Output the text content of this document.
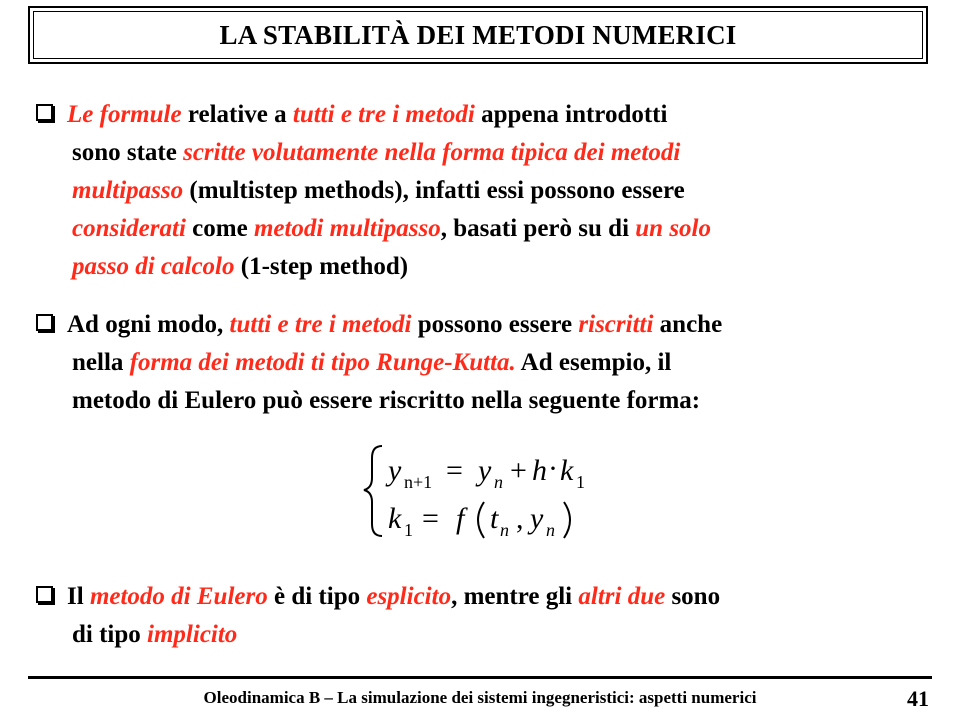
LA STABILITÀ DEI METODI NUMERICI
Le formule relative a tutti e tre i metodi appena introdotti
sono state scritte volutamente nella forma tipica dei metodi
multipasso (multistep methods), infatti essi possono essere
considerati come metodi multipasso, basati però su di un solo
passo di calcolo (1-step method)
Ad ogni modo, tutti e tre i metodi possono essere riscritti anche
nella forma dei metodi ti tipo Runge-Kutta. Ad esempio, il
metodo di Eulero può essere riscritto nella seguente forma:
y n+1 = y n + h · k 1
k 1 = f t n , y n
Il metodo di Eulero è di tipo esplicito, mentre gli altri due sono
di tipo implicito
Oleodinamica B – La simulazione dei sistemi ingegneristici: aspetti numerici	41
